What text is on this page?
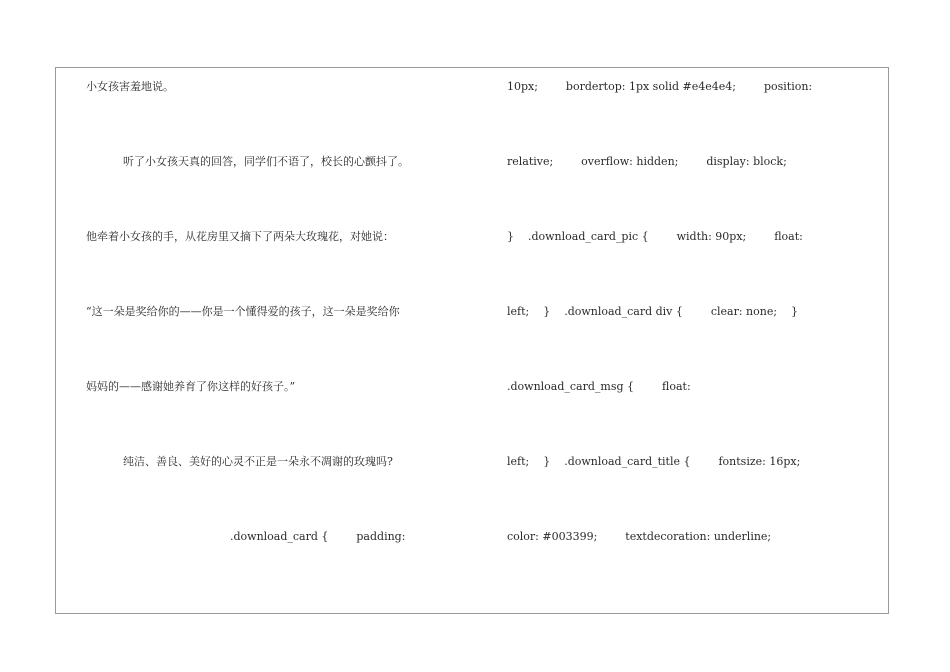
小女孩害羞地说。
听了小女孩天真的回答，同学们不语了，校长的心颤抖了。
他牵着小女孩的手，从花房里又摘下了两朵大玫瑰花，对她说：
“这一朵是奖给你的——你是一个懂得爱的孩子，这一朵是奖给你
妈妈的——感谢她养育了你这样的好孩子。”
纯洁、善良、美好的心灵不正是一朵永不凋谢的玫瑰吗?
.download_card {        padding:
10px;        bordertop: 1px solid #e4e4e4;        position:
relative;        overflow: hidden;        display: block;
}    .download_card_pic {        width: 90px;        float:
left;    }    .download_card div {        clear: none;    }
.download_card_msg {        float:
left;    }    .download_card_title {        fontsize: 16px;
color: #003399;        textdecoration: underline;
